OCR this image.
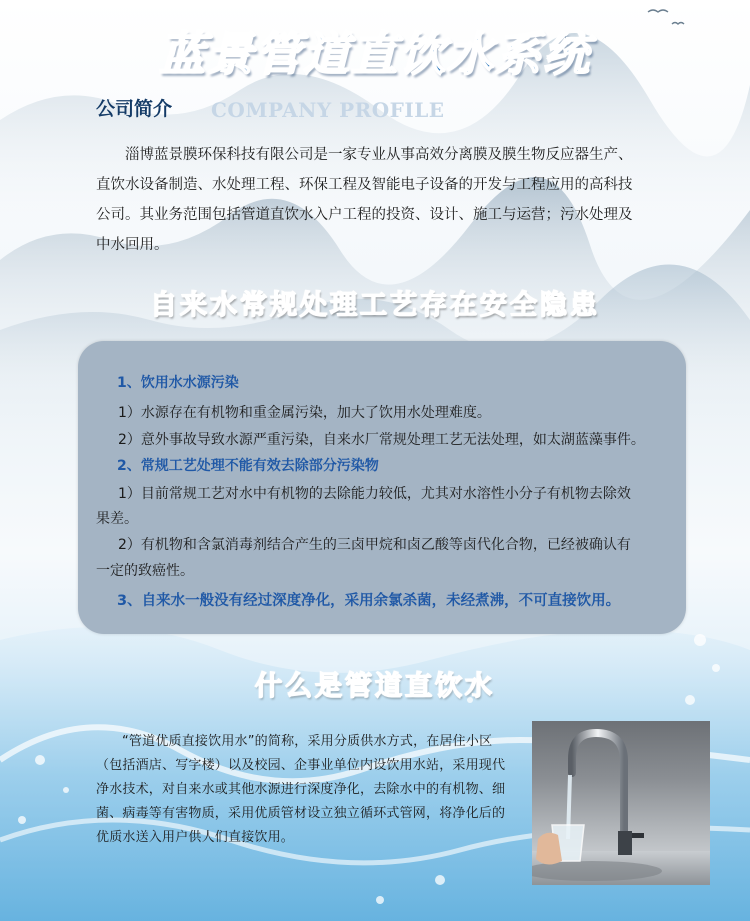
蓝景管道直饮水系统
公司简介 COMPANY PROFILE
淄博蓝景膜环保科技有限公司是一家专业从事高效分离膜及膜生物反应器生产、
直饮水设备制造、水处理工程、环保工程及智能电子设备的开发与工程应用的高科技
公司。其业务范围包括管道直饮水入户工程的投资、设计、施工与运营；污水处理及
中水回用。
自来水常规处理工艺存在安全隐患
1、饮用水水源污染
1）水源存在有机物和重金属污染，加大了饮用水处理难度。
2）意外事故导致水源严重污染，自来水厂常规处理工艺无法处理，如太湖蓝藻事件。
2、常规工艺处理不能有效去除部分污染物
1）目前常规工艺对水中有机物的去除能力较低，尤其对水溶性小分子有机物去除效
果差。
2）有机物和含氯消毒剂结合产生的三卤甲烷和卤乙酸等卤代化合物，已经被确认有
一定的致癌性。
3、自来水一般没有经过深度净化，采用余氯杀菌，未经煮沸，不可直接饮用。
什么是管道直饮水
“管道优质直接饮用水”的简称，采用分质供水方式，在居住小区
（包括酒店、写字楼）以及校园、企事业单位内设饮用水站，采用现代
净水技术，对自来水或其他水源进行深度净化，去除水中的有机物、细
菌、病毒等有害物质，采用优质管材设立独立循环式管网，将净化后的
优质水送入用户供人们直接饮用。
